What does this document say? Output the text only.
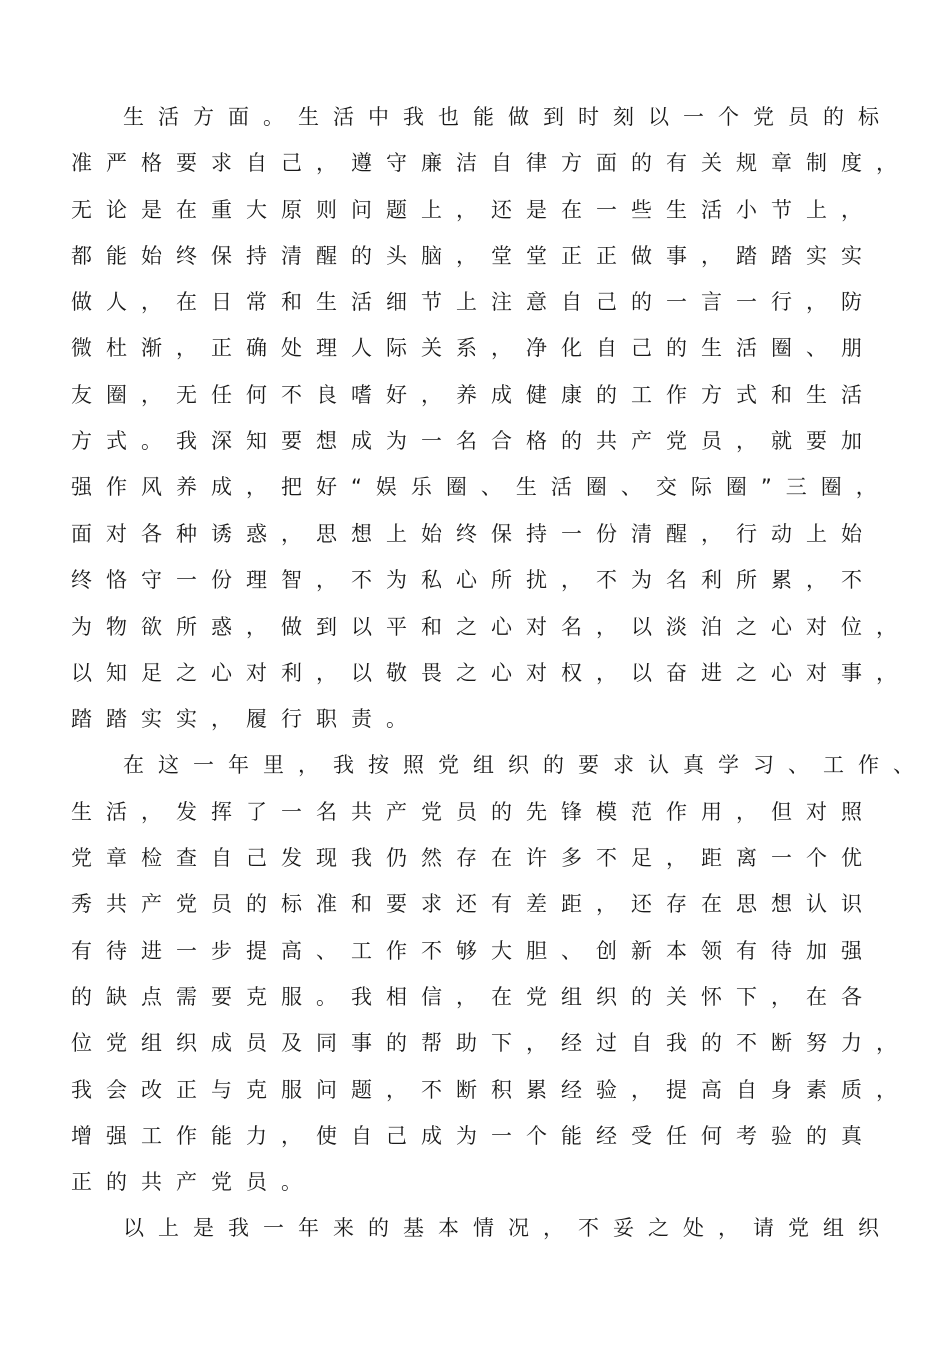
生活方面。生活中我也能做到时刻以一个党员的标
准严格要求自己，遵守廉洁自律方面的有关规章制度，
无论是在重大原则问题上，还是在一些生活小节上，
都能始终保持清醒的头脑，堂堂正正做事，踏踏实实
做人，在日常和生活细节上注意自己的一言一行，防
微杜渐，正确处理人际关系，净化自己的生活圈、朋
友圈，无任何不良嗜好，养成健康的工作方式和生活
方式。我深知要想成为一名合格的共产党员，就要加
强作风养成，把好“娱乐圈、生活圈、交际圈”三圈，
面对各种诱惑，思想上始终保持一份清醒，行动上始
终恪守一份理智，不为私心所扰，不为名利所累，不
为物欲所惑，做到以平和之心对名，以淡泊之心对位，
以知足之心对利，以敬畏之心对权，以奋进之心对事，
踏踏实实，履行职责。
在这一年里，我按照党组织的要求认真学习、工作、
生活，发挥了一名共产党员的先锋模范作用，但对照
党章检查自己发现我仍然存在许多不足，距离一个优
秀共产党员的标准和要求还有差距，还存在思想认识
有待进一步提高、工作不够大胆、创新本领有待加强
的缺点需要克服。我相信，在党组织的关怀下，在各
位党组织成员及同事的帮助下，经过自我的不断努力，
我会改正与克服问题，不断积累经验，提高自身素质，
增强工作能力，使自己成为一个能经受任何考验的真
正的共产党员。
以上是我一年来的基本情况，不妥之处，请党组织
